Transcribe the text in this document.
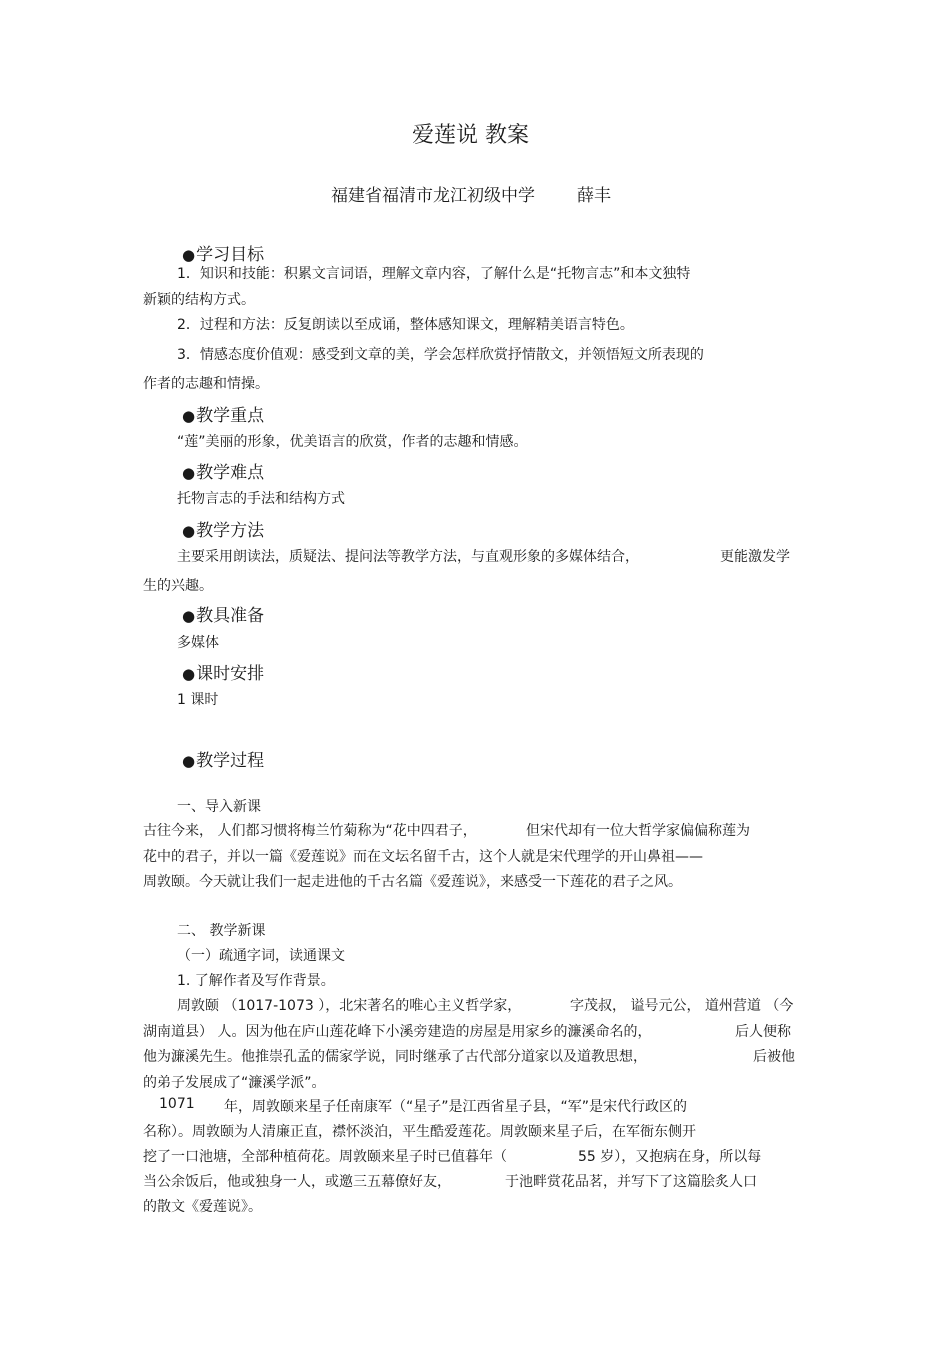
爱莲说 教案
福建省福清市龙江初级中学 薛丰
●学习目标
1．知识和技能：积累文言词语，理解文章内容，了解什么是“托物言志”和本文独特
新颖的结构方式。
2．过程和方法：反复朗读以至成诵，整体感知课文，理解精美语言特色。
3．情感态度价值观：感受到文章的美，学会怎样欣赏抒情散文，并领悟短文所表现的
作者的志趣和情操。
●教学重点
“莲”美丽的形象，优美语言的欣赏，作者的志趣和情感。
●教学难点
托物言志的手法和结构方式
●教学方法
主要采用朗读法，质疑法、提问法等教学方法，与直观形象的多媒体结合，	更能激发学
生的兴趣。
●教具准备
多媒体
●课时安排
1 课时
●教学过程
一、导入新课
古往今来， 人们都习惯将梅兰竹菊称为“花中四君子，	但宋代却有一位大哲学家偏偏称莲为
花中的君子，并以一篇《爱莲说》而在文坛名留千古，这个人就是宋代理学的开山鼻祖——
周敦颐。今天就让我们一起走进他的千古名篇《爱莲说》，来感受一下莲花的君子之风。
二、 教学新课
（一）疏通字词，读通课文
1. 了解作者及写作背景。
周敦颐 （1017-1073 ），北宋著名的唯心主义哲学家，	字茂叔， 谥号元公， 道州营道 （今
湖南道县） 人。因为他在庐山莲花峰下小溪旁建造的房屋是用家乡的濂溪命名的，	后人便称
他为濂溪先生。他推崇孔孟的儒家学说，同时继承了古代部分道家以及道教思想，	后被他
的弟子发展成了“濂溪学派”。
1071 年，周敦颐来星子任南康军（“星子”是江西省星子县，“军”是宋代行政区的
名称）。周敦颐为人清廉正直，襟怀淡泊，平生酷爱莲花。周敦颐来星子后，在军衙东侧开
挖了一口池塘，全部种植荷花。周敦颐来星子时已值暮年（	55 岁），又抱病在身，所以每
当公余饭后，他或独身一人，或邀三五幕僚好友，	于池畔赏花品茗，并写下了这篇脍炙人口
的散文《爱莲说》。
